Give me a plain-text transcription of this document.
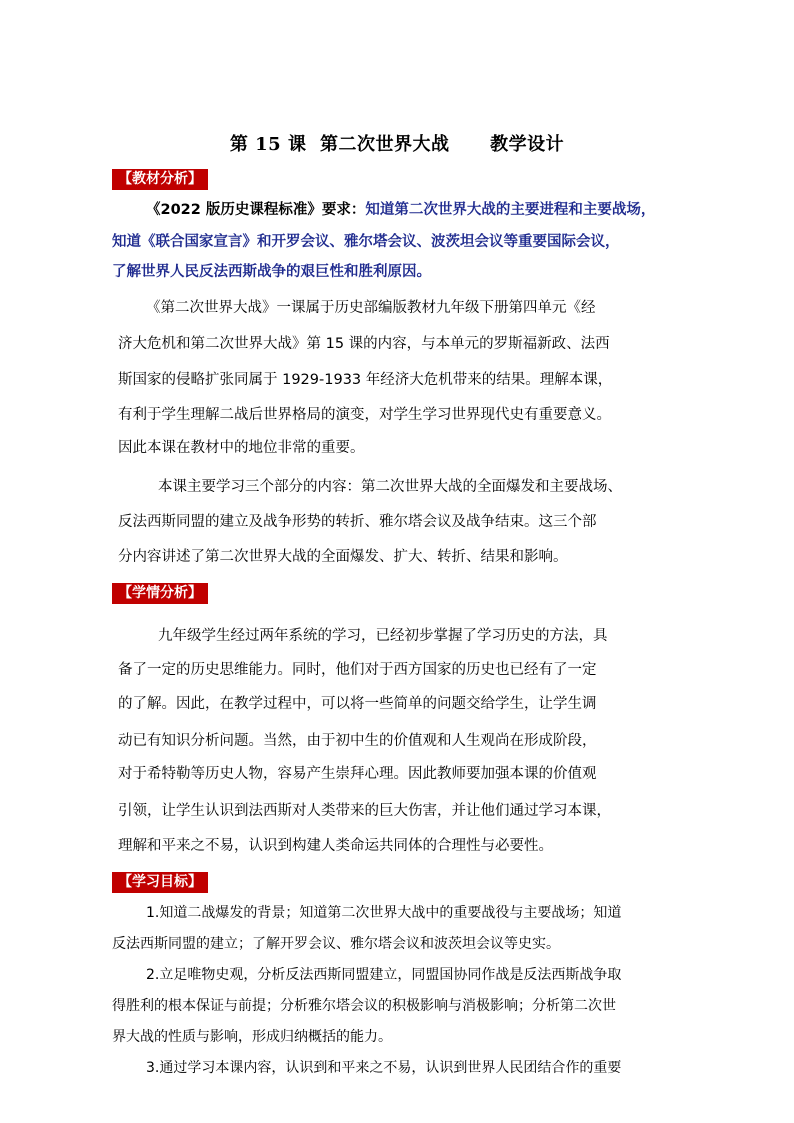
第 15 课  第二次世界大战      教学设计
【教材分析】
《2022 版历史课程标准》要求：知道第二次世界大战的主要进程和主要战场，
知道《联合国家宣言》和开罗会议、雅尔塔会议、波茨坦会议等重要国际会议，
了解世界人民反法西斯战争的艰巨性和胜利原因。
《第二次世界大战》一课属于历史部编版教材九年级下册第四单元《经
济大危机和第二次世界大战》第 15 课的内容，与本单元的罗斯福新政、法西
斯国家的侵略扩张同属于 1929-1933 年经济大危机带来的结果。理解本课，
有利于学生理解二战后世界格局的演变，对学生学习世界现代史有重要意义。
因此本课在教材中的地位非常的重要。
本课主要学习三个部分的内容：第二次世界大战的全面爆发和主要战场、
反法西斯同盟的建立及战争形势的转折、雅尔塔会议及战争结束。这三个部
分内容讲述了第二次世界大战的全面爆发、扩大、转折、结果和影响。
【学情分析】
九年级学生经过两年系统的学习，已经初步掌握了学习历史的方法，具
备了一定的历史思维能力。同时，他们对于西方国家的历史也已经有了一定
的了解。因此，在教学过程中，可以将一些简单的问题交给学生，让学生调
动已有知识分析问题。当然，由于初中生的价值观和人生观尚在形成阶段，
对于希特勒等历史人物，容易产生崇拜心理。因此教师要加强本课的价值观
引领，让学生认识到法西斯对人类带来的巨大伤害，并让他们通过学习本课，
理解和平来之不易，认识到构建人类命运共同体的合理性与必要性。
【学习目标】
1.知道二战爆发的背景；知道第二次世界大战中的重要战役与主要战场；知道
反法西斯同盟的建立；了解开罗会议、雅尔塔会议和波茨坦会议等史实。
2.立足唯物史观，分析反法西斯同盟建立，同盟国协同作战是反法西斯战争取
得胜利的根本保证与前提；分析雅尔塔会议的积极影响与消极影响；分析第二次世
界大战的性质与影响，形成归纳概括的能力。
3.通过学习本课内容，认识到和平来之不易，认识到世界人民团结合作的重要
